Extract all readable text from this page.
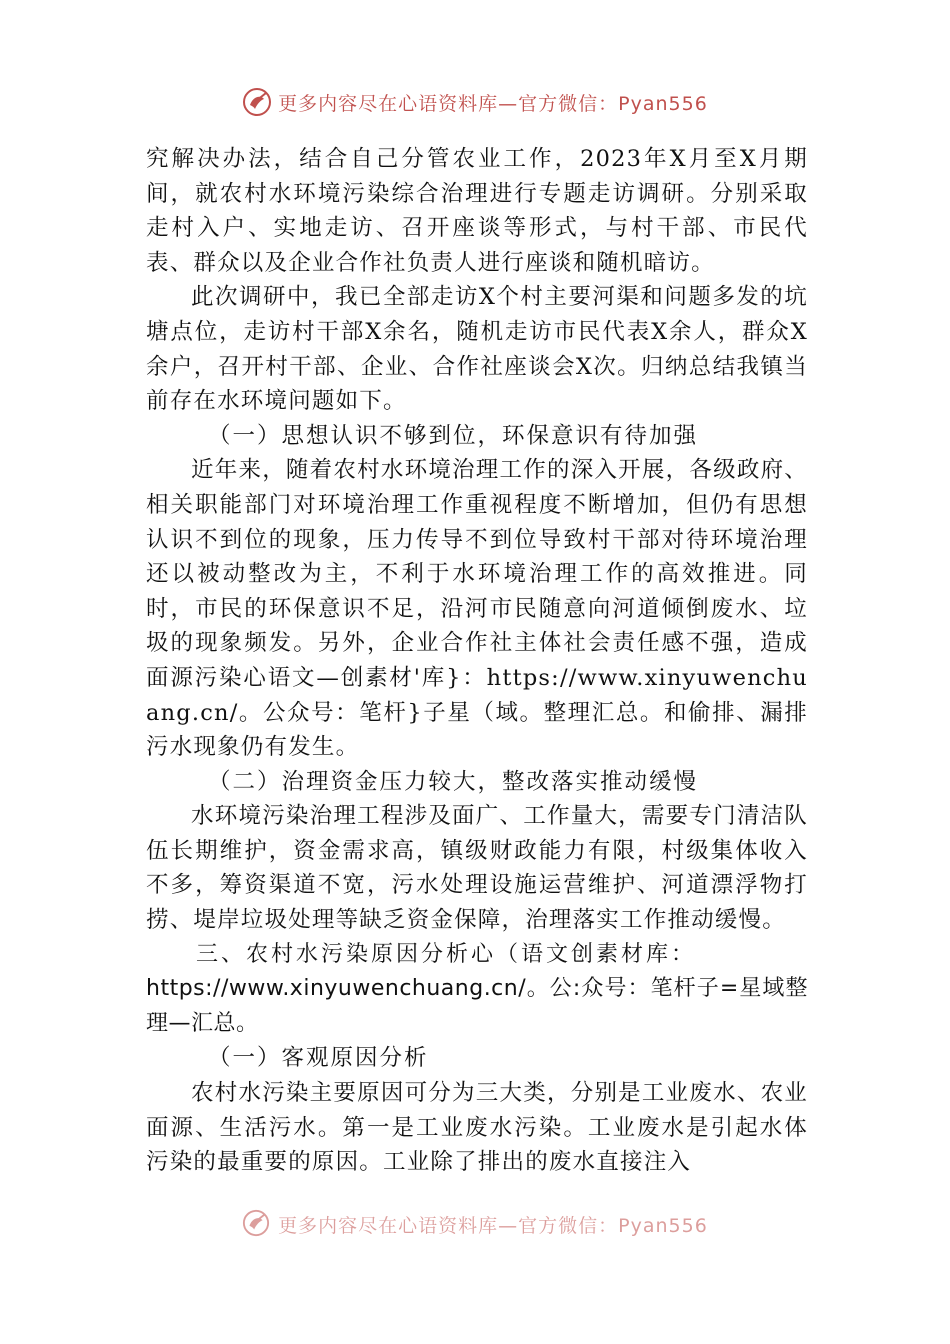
更多内容尽在心语资料库—官方微信：Pyan556

究解决办法，结合自己分管农业工作，2023年X月至X月期间，就农村水环境污染综合治理进行专题走访调研。分别采取走村入户、实地走访、召开座谈等形式，与村干部、市民代表、群众以及企业合作社负责人进行座谈和随机暗访。

此次调研中，我已全部走访X个村主要河渠和问题多发的坑塘点位，走访村干部X余名，随机走访市民代表X余人，群众X余户，召开村干部、企业、合作社座谈会X次。归纳总结我镇当前存在水环境问题如下。

（一）思想认识不够到位，环保意识有待加强

近年来，随着农村水环境治理工作的深入开展，各级政府、相关职能部门对环境治理工作重视程度不断增加，但仍有思想认识不到位的现象，压力传导不到位导致村干部对待环境治理还以被动整改为主，不利于水环境治理工作的高效推进。同时，市民的环保意识不足，沿河市民随意向河道倾倒废水、垃圾的现象频发。另外，企业合作社主体社会责任感不强，造成面源污染心语文—创素材'库}：https://www.xinyuwenchuang.cn/。公众号：笔杆}子星（域。整理汇总。和偷排、漏排污水现象仍有发生。

（二）治理资金压力较大，整改落实推动缓慢

水环境污染治理工程涉及面广、工作量大，需要专门清洁队伍长期维护，资金需求高，镇级财政能力有限，村级集体收入不多，筹资渠道不宽，污水处理设施运营维护、河道漂浮物打捞、堤岸垃圾处理等缺乏资金保障，治理落实工作推动缓慢。

三、农村水污染原因分析心（语文创素材库：

https://www.xinyuwenchuang.cn/。公:众号：笔杆子=星域整理—汇总。

（一）客观原因分析

农村水污染主要原因可分为三大类，分别是工业废水、农业面源、生活污水。第一是工业废水污染。工业废水是引起水体污染的最重要的原因。工业除了排出的废水直接注入

更多内容尽在心语资料库—官方微信：Pyan556
